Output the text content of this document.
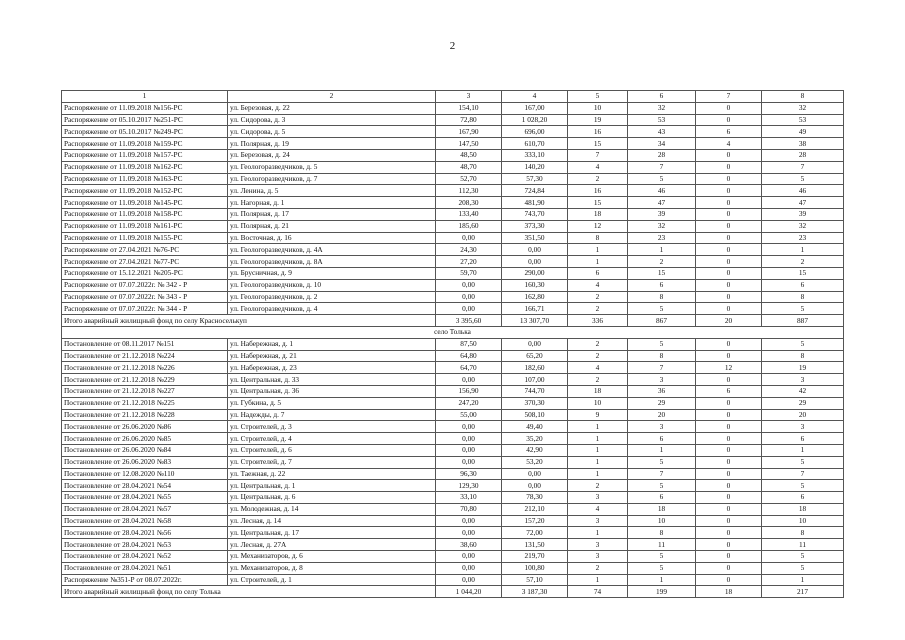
2
1	2	3	4	5	6	7	8
Распоряжение от 11.09.2018 №156-РС	ул. Березовая, д. 22	154,10	167,00	10	32	0	32
Распоряжение от 05.10.2017 №251-РС	ул. Сидорова, д. 3	72,80	1 028,20	19	53	0	53
Распоряжение от 05.10.2017 №249-РС	ул. Сидорова, д. 5	167,90	696,00	16	43	6	49
Распоряжение от 11.09.2018 №159-РС	ул. Полярная, д. 19	147,50	610,70	15	34	4	38
Распоряжение от 11.09.2018 №157-РС	ул. Березовая, д. 24	48,50	333,10	7	28	0	28
Распоряжение от 11.09.2018 №162-РС	ул. Геологоразведчиков, д. 5	48,70	140,20	4	7	0	7
Распоряжение от 11.09.2018 №163-РС	ул. Геологоразведчиков, д. 7	52,70	57,30	2	5	0	5
Распоряжение от 11.09.2018 №152-РС	ул. Ленина, д. 5	112,30	724,84	16	46	0	46
Распоряжение от 11.09.2018 №145-РС	ул. Нагорная, д. 1	208,30	481,90	15	47	0	47
Распоряжение от 11.09.2018 №158-РС	ул. Полярная, д. 17	133,40	743,70	18	39	0	39
Распоряжение от 11.09.2018 №161-РС	ул. Полярная, д. 21	185,60	373,30	12	32	0	32
Распоряжение от 11.09.2018 №155-РС	ул. Восточная, д. 16	0,00	351,50	8	23	0	23
Распоряжение от 27.04.2021 №76-РС	ул. Геологоразведчиков, д. 4А	24,30	0,00	1	1	0	1
Распоряжение от 27.04.2021 №77-РС	ул. Геологоразведчиков, д. 8А	27,20	0,00	1	2	0	2
Распоряжение от 15.12.2021 №205-РС	ул. Брусничная, д. 9	59,70	290,00	6	15	0	15
Распоряжение от 07.07.2022г. № 342 - Р	ул. Геологоразведчиков, д. 10	0,00	160,30	4	6	0	6
Распоряжение от 07.07.2022г. № 343 - Р	ул. Геологоразведчиков, д. 2	0,00	162,80	2	8	0	8
Распоряжение от 07.07.2022г. № 344 - Р	ул. Геологоразведчиков, д. 4	0,00	166,71	2	5	0	5
Итого аварийный жилищный фонд по селу Красноселькуп		3 395,60	13 307,70	336	867	20	887
село Толька							
Постановление от 08.11.2017 №151	ул. Набережная, д. 1	87,50	0,00	2	5	0	5
Постановление от 21.12.2018 №224	ул. Набережная, д. 21	64,80	65,20	2	8	0	8
Постановление от 21.12.2018 №226	ул. Набережная, д. 23	64,70	182,60	4	7	12	19
Постановление от 21.12.2018 №229	ул. Центральная, д. 33	0,00	107,00	2	3	0	3
Постановление от 21.12.2018 №227	ул. Центральная, д. 36	156,90	744,70	18	36	6	42
Постановление от 21.12.2018 №225	ул. Губкина, д. 5	247,20	370,30	10	29	0	29
Постановление от 21.12.2018 №228	ул. Надежды, д. 7	55,00	508,10	9	20	0	20
Постановление от 26.06.2020 №86	ул. Строителей, д. 3	0,00	49,40	1	3	0	3
Постановление от 26.06.2020 №85	ул. Строителей, д. 4	0,00	35,20	1	6	0	6
Постановление от 26.06.2020 №84	ул. Строителей, д. 6	0,00	42,90	1	1	0	1
Постановление от 26.06.2020 №83	ул. Строителей, д. 7	0,00	53,20	1	5	0	5
Постановление от 12.08.2020 №110	ул. Таежная, д. 22	96,30	0,00	1	7	0	7
Постановление от 28.04.2021 №54	ул. Центральная, д. 1	129,30	0,00	2	5	0	5
Постановление от 28.04.2021 №55	ул. Центральная, д. 6	33,10	78,30	3	6	0	6
Постановление от 28.04.2021 №57	ул. Молодежная, д. 14	70,80	212,10	4	18	0	18
Постановление от 28.04.2021 №58	ул. Лесная, д. 14	0,00	157,20	3	10	0	10
Постановление от 28.04.2021 №56	ул. Центральная, д. 17	0,00	72,00	1	8	0	8
Постановление от 28.04.2021 №53	ул. Лесная, д. 27А	38,60	131,50	3	11	0	11
Постановление от 28.04.2021 №52	ул. Механизаторов, д. 6	0,00	219,70	3	5	0	5
Постановление от 28.04.2021 №51	ул. Механизаторов, д. 8	0,00	100,80	2	5	0	5
Распоряжение №351-Р от 08.07.2022г.	ул. Строителей, д. 1	0,00	57,10	1	1	0	1
Итого аварийный жилищный фонд по селу Толька		1 044,20	3 187,30	74	199	18	217
